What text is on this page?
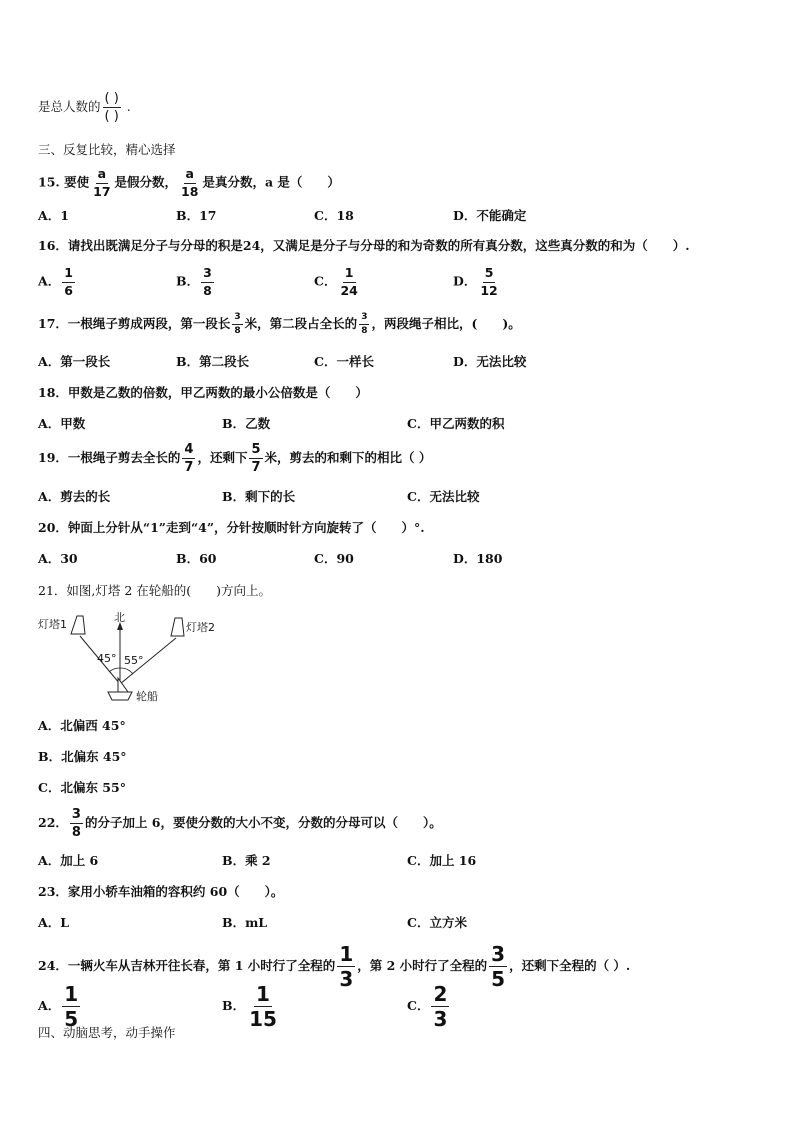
是总人数的 $\frac{( )}{( )}$ .
三、反复比较，精心选择
15. 要使 $\frac{a}{17}$ 是假分数， $\frac{a}{18}$ 是真分数，a 是（　　）
A．1	B．17	C．18	D．不能确定
16．请找出既满足分子与分母的积是24，又满足是分子与分母的和为奇数的所有真分数，这些真分数的和为（　　）.
A． $\frac{1}{6}$	B． $\frac{3}{8}$	C． $\frac{1}{24}$	D． $\frac{5}{12}$
17．一根绳子剪成两段，第一段长 $\frac{3}{8}$ 米，第二段占全长的 $\frac{3}{8}$ ，两段绳子相比，(　　)。
A．第一段长	B．第二段长	C．一样长	D．无法比较
18．甲数是乙数的倍数，甲乙两数的最小公倍数是（　　）
A．甲数	B．乙数	C．甲乙两数的积
19．一根绳子剪去全长的 $\frac{4}{7}$ ，还剩下 $\frac{5}{7}$ 米，剪去的和剩下的相比（ ）
A．剪去的长	B．剩下的长	C．无法比较
20．钟面上分针从“1”走到“4”，分针按顺时针方向旋转了（　　）°.
A．30	B．60	C．90	D．180
21．如图,灯塔 2 在轮船的(　　)方向上。
北
45° 55°
灯塔1	灯塔2
轮船
A．北偏西 45°
B．北偏东 45°
C．北偏东 55°
22． $\frac{3}{8}$ 的分子加上 6，要使分数的大小不变，分数的分母可以（　　）。
A．加上 6	B．乘 2	C．加上 16
23．家用小轿车油箱的容积约 60（　　）。
A．L	B．mL	C．立方米
24．一辆火车从吉林开往长春，第 1 小时行了全程的 $\frac{1}{3}$ ，第 2 小时行了全程的 $\frac{3}{5}$ ，还剩下全程的（ ）.
A． $\frac{1}{5}$	B． $\frac{1}{15}$	C． $\frac{2}{3}$
四、动脑思考，动手操作
